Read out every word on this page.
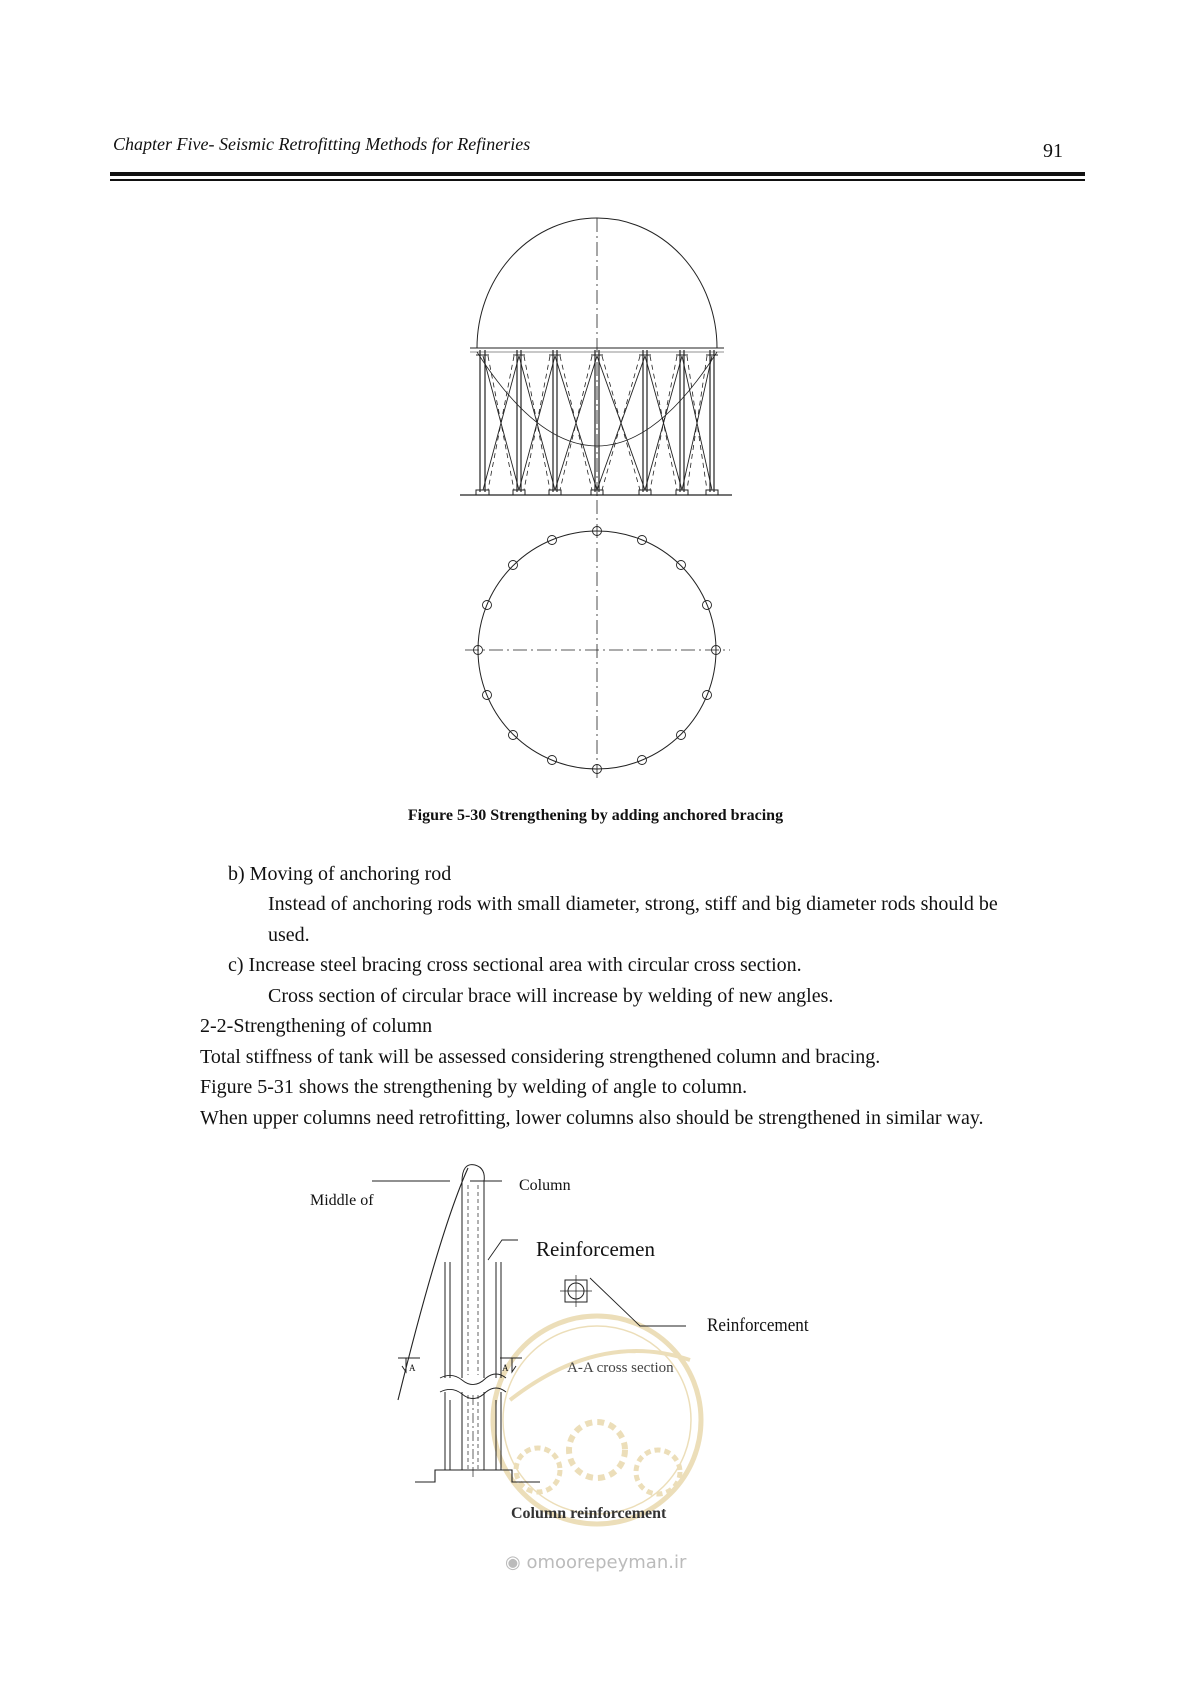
Chapter Five- Seismic Retrofitting Methods for Refineries	91
Figure 5-30 Strengthening by adding anchored bracing
b) Moving of anchoring rod
Instead of anchoring rods with small diameter, strong, stiff and big diameter rods should be
used.
c) Increase steel bracing cross sectional area with circular cross section.
Cross section of circular brace will increase by welding of new angles.
2-2-Strengthening of column
Total stiffness of tank will be assessed considering strengthened column and bracing.
Figure 5-31 shows the strengthening by welding of angle to column.
When upper columns need retrofitting, lower columns also should be strengthened in similar way.
Middle of
Column
Reinforcemen
Reinforcement
A	A	A-A cross section
Column reinforcement
◉ omoorepeyman.ir
